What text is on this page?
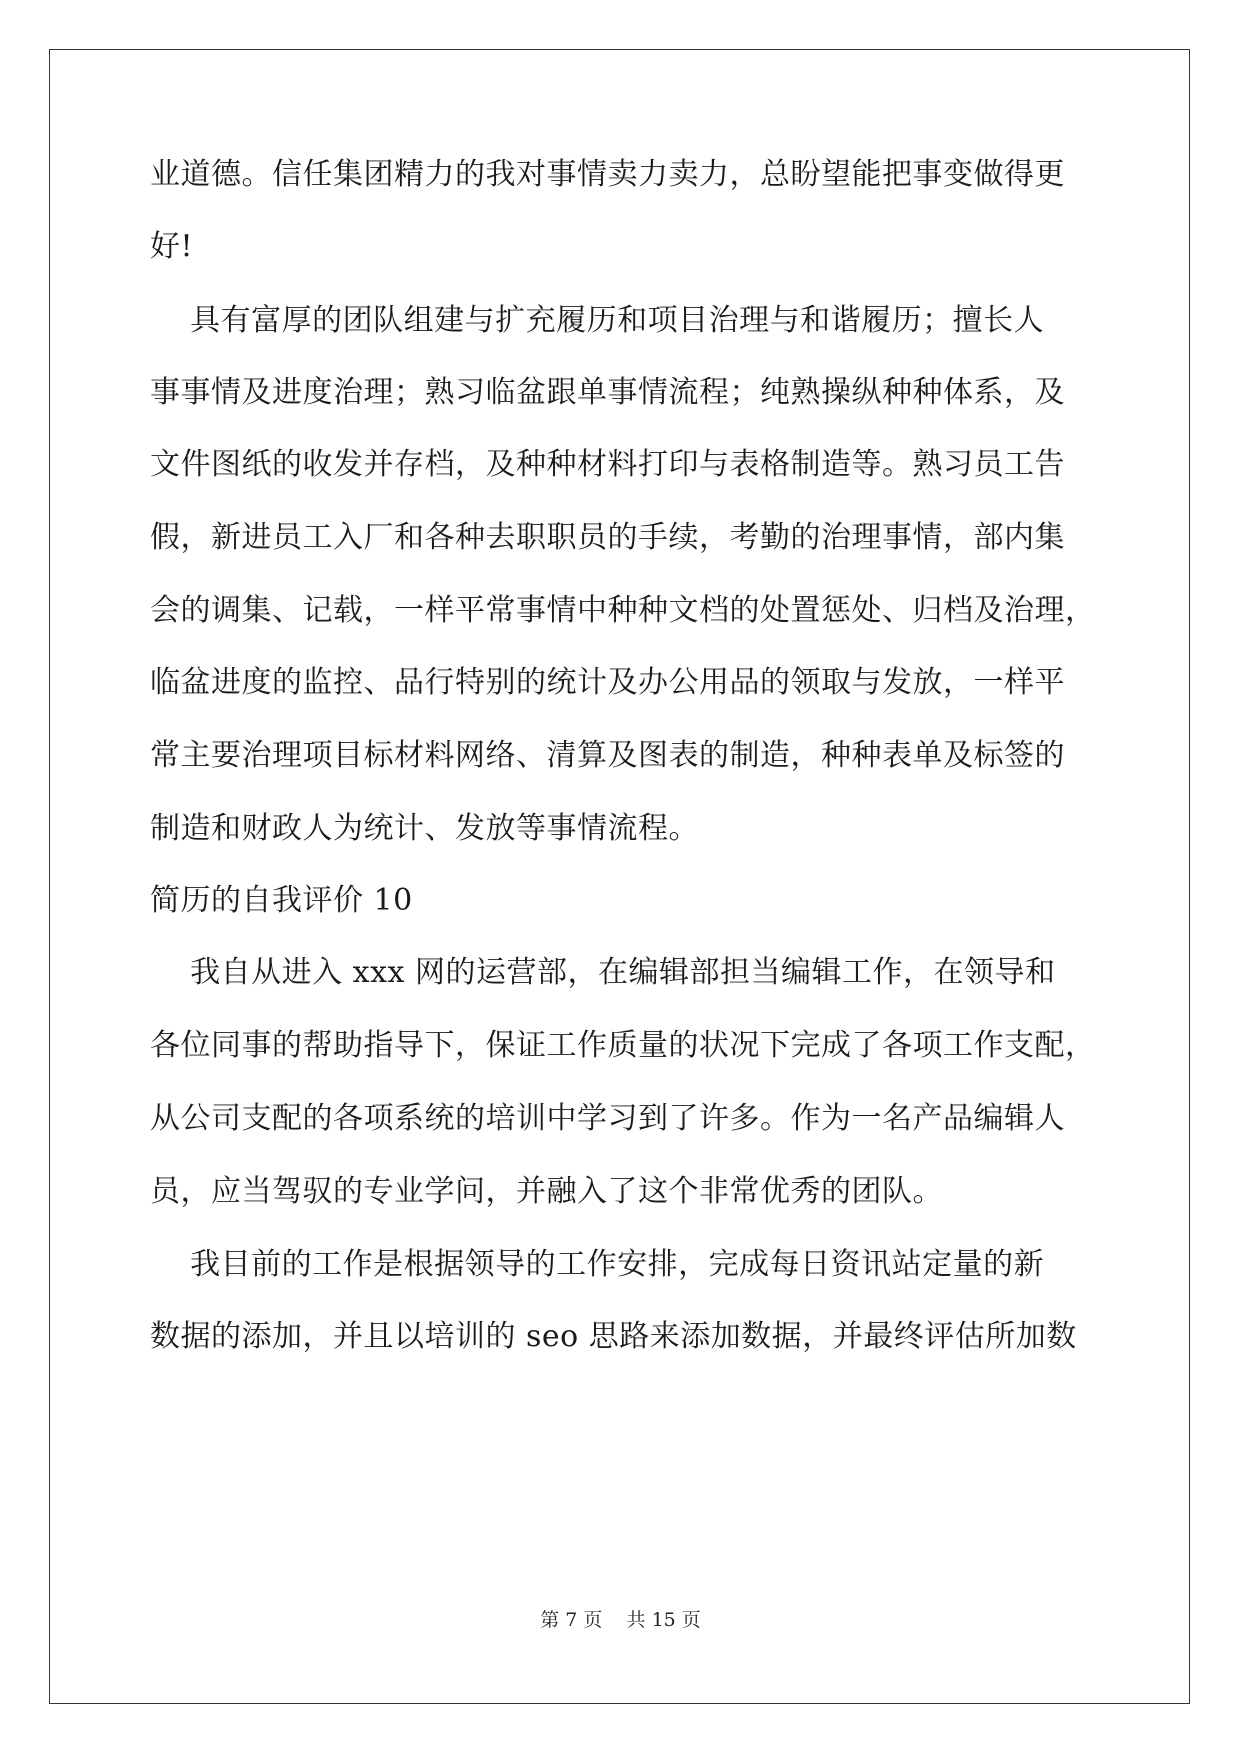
业道德。信任集团精力的我对事情卖力卖力，总盼望能把事变做得更
好!
具有富厚的团队组建与扩充履历和项目治理与和谐履历；擅长人
事事情及进度治理；熟习临盆跟单事情流程；纯熟操纵种种体系，及
文件图纸的收发并存档，及种种材料打印与表格制造等。熟习员工告
假，新进员工入厂和各种去职职员的手续，考勤的治理事情，部内集
会的调集、记载，一样平常事情中种种文档的处置惩处、归档及治理，
临盆进度的监控、品行特别的统计及办公用品的领取与发放，一样平
常主要治理项目标材料网络、清算及图表的制造，种种表单及标签的
制造和财政人为统计、发放等事情流程。
简历的自我评价 10
我自从进入 xxx 网的运营部，在编辑部担当编辑工作，在领导和
各位同事的帮助指导下，保证工作质量的状况下完成了各项工作支配，
从公司支配的各项系统的培训中学习到了许多。作为一名产品编辑人
员，应当驾驭的专业学问，并融入了这个非常优秀的团队。
我目前的工作是根据领导的工作安排，完成每日资讯站定量的新
数据的添加，并且以培训的 seo 思路来添加数据，并最终评估所加数
第 7 页    共 15 页
